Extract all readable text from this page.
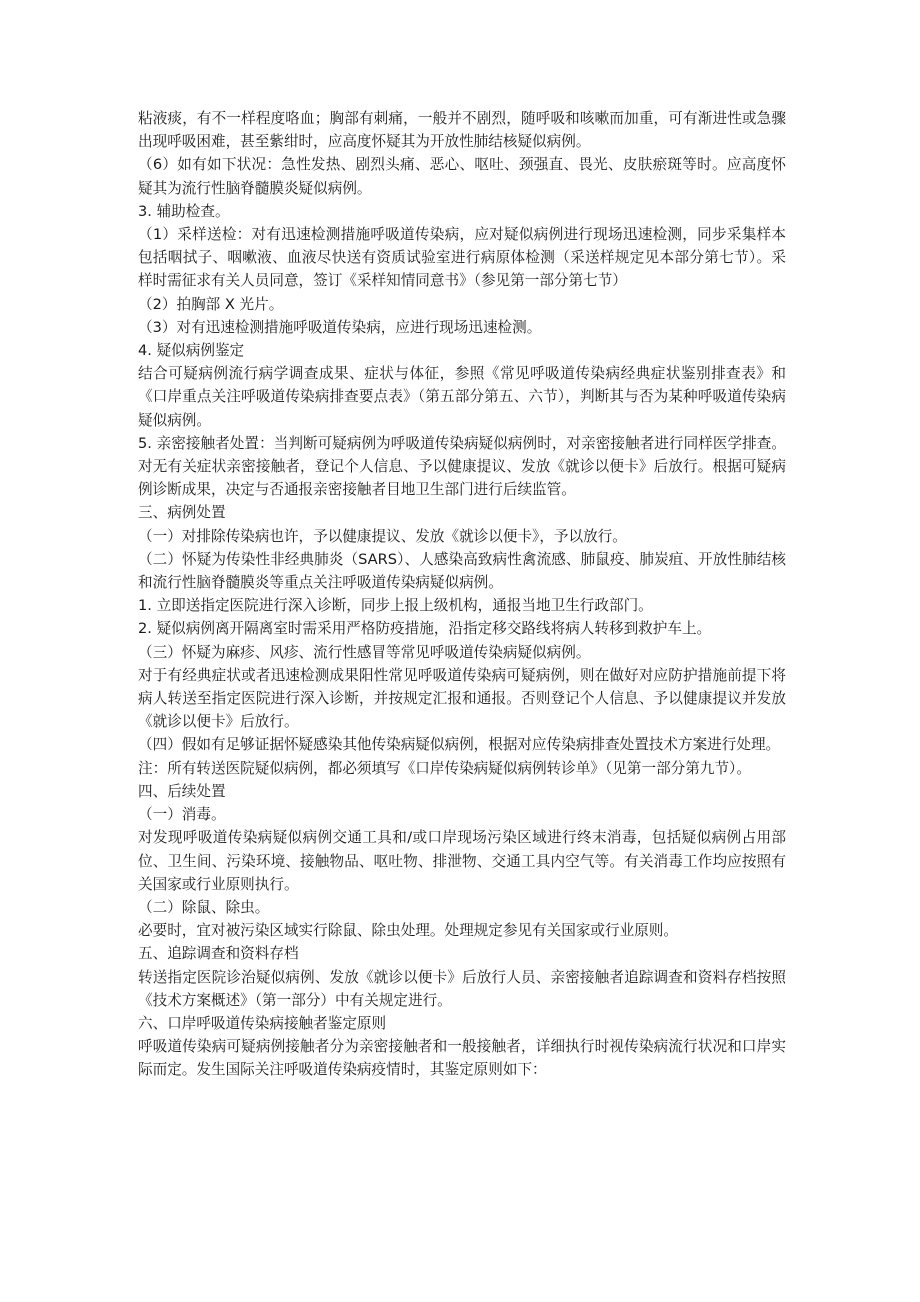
粘液痰，有不一样程度咯血；胸部有刺痛，一般并不剧烈，随呼吸和咳嗽而加重，可有渐进性或急骤出现呼吸困难，甚至紫绀时，应高度怀疑其为开放性肺结核疑似病例。

（6）如有如下状况：急性发热、剧烈头痛、恶心、呕吐、颈强直、畏光、皮肤瘀斑等时。应高度怀疑其为流行性脑脊髓膜炎疑似病例。

3. 辅助检查。

（1）采样送检：对有迅速检测措施呼吸道传染病，应对疑似病例进行现场迅速检测，同步采集样本包括咽拭子、咽嗽液、血液尽快送有资质试验室进行病原体检测（采送样规定见本部分第七节）。采样时需征求有关人员同意，签订《采样知情同意书》（参见第一部分第七节）

（2）拍胸部 X 光片。

（3）对有迅速检测措施呼吸道传染病，应进行现场迅速检测。

4. 疑似病例鉴定

结合可疑病例流行病学调查成果、症状与体征，参照《常见呼吸道传染病经典症状鉴别排查表》和《口岸重点关注呼吸道传染病排查要点表》（第五部分第五、六节），判断其与否为某种呼吸道传染病疑似病例。

5. 亲密接触者处置：当判断可疑病例为呼吸道传染病疑似病例时，对亲密接触者进行同样医学排查。对无有关症状亲密接触者，登记个人信息、予以健康提议、发放《就诊以便卡》后放行。根据可疑病例诊断成果，决定与否通报亲密接触者目地卫生部门进行后续监管。

三、病例处置

（一）对排除传染病也许，予以健康提议、发放《就诊以便卡》，予以放行。

（二）怀疑为传染性非经典肺炎（SARS）、人感染高致病性禽流感、肺鼠疫、肺炭疽、开放性肺结核和流行性脑脊髓膜炎等重点关注呼吸道传染病疑似病例。

1. 立即送指定医院进行深入诊断，同步上报上级机构，通报当地卫生行政部门。

2. 疑似病例离开隔离室时需采用严格防疫措施，沿指定移交路线将病人转移到救护车上。

（三）怀疑为麻疹、风疹、流行性感冒等常见呼吸道传染病疑似病例。

对于有经典症状或者迅速检测成果阳性常见呼吸道传染病可疑病例，则在做好对应防护措施前提下将病人转送至指定医院进行深入诊断，并按规定汇报和通报。否则登记个人信息、予以健康提议并发放《就诊以便卡》后放行。

（四）假如有足够证据怀疑感染其他传染病疑似病例，根据对应传染病排查处置技术方案进行处理。

注：所有转送医院疑似病例，都必须填写《口岸传染病疑似病例转诊单》（见第一部分第九节）。

四、后续处置

（一）消毒。

对发现呼吸道传染病疑似病例交通工具和/或口岸现场污染区域进行终末消毒，包括疑似病例占用部位、卫生间、污染环境、接触物品、呕吐物、排泄物、交通工具内空气等。有关消毒工作均应按照有关国家或行业原则执行。

（二）除鼠、除虫。

必要时，宜对被污染区域实行除鼠、除虫处理。处理规定参见有关国家或行业原则。

五、追踪调查和资料存档

转送指定医院诊治疑似病例、发放《就诊以便卡》后放行人员、亲密接触者追踪调查和资料存档按照《技术方案概述》（第一部分）中有关规定进行。

六、口岸呼吸道传染病接触者鉴定原则

呼吸道传染病可疑病例接触者分为亲密接触者和一般接触者，详细执行时视传染病流行状况和口岸实际而定。发生国际关注呼吸道传染病疫情时，其鉴定原则如下：
